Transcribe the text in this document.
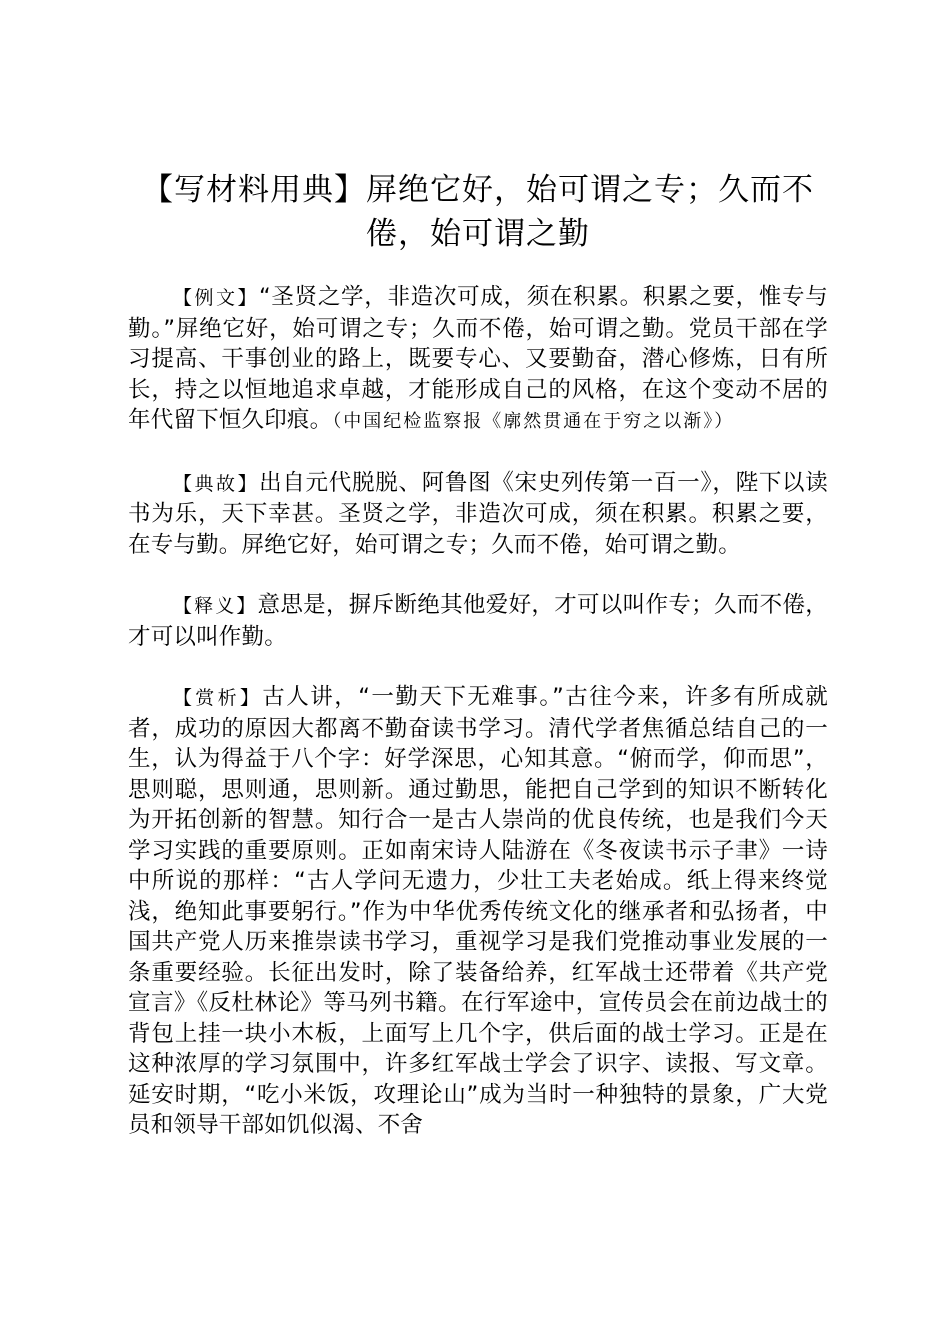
【写材料用典】屏绝它好，始可谓之专；久而不倦，始可谓之勤

【例文】“圣贤之学，非造次可成，须在积累。积累之要，惟专与勤。”屏绝它好，始可谓之专；久而不倦，始可谓之勤。党员干部在学习提高、干事创业的路上，既要专心、又要勤奋，潜心修炼，日有所长，持之以恒地追求卓越，才能形成自己的风格，在这个变动不居的年代留下恒久印痕。（中国纪检监察报《廓然贯通在于穷之以渐》）

【典故】出自元代脱脱、阿鲁图《宋史列传第一百一》，陛下以读书为乐，天下幸甚。圣贤之学，非造次可成，须在积累。积累之要，在专与勤。屏绝它好，始可谓之专；久而不倦，始可谓之勤。

【释义】意思是，摒斥断绝其他爱好，才可以叫作专；久而不倦，才可以叫作勤。

【赏析】古人讲，“一勤天下无难事。”古往今来，许多有所成就者，成功的原因大都离不勤奋读书学习。清代学者焦循总结自己的一生，认为得益于八个字：好学深思，心知其意。“俯而学，仰而思”，思则聪，思则通，思则新。通过勤思，能把自己学到的知识不断转化为开拓创新的智慧。知行合一是古人崇尚的优良传统，也是我们今天学习实践的重要原则。正如南宋诗人陆游在《冬夜读书示子聿》一诗中所说的那样：“古人学问无遗力，少壮工夫老始成。纸上得来终觉浅，绝知此事要躬行。”作为中华优秀传统文化的继承者和弘扬者，中国共产党人历来推崇读书学习，重视学习是我们党推动事业发展的一条重要经验。长征出发时，除了装备给养，红军战士还带着《共产党宣言》《反杜林论》等马列书籍。在行军途中，宣传员会在前边战士的背包上挂一块小木板，上面写上几个字，供后面的战士学习。正是在这种浓厚的学习氛围中，许多红军战士学会了识字、读报、写文章。延安时期，“吃小米饭，攻理论山”成为当时一种独特的景象，广大党员和领导干部如饥似渴、不舍
